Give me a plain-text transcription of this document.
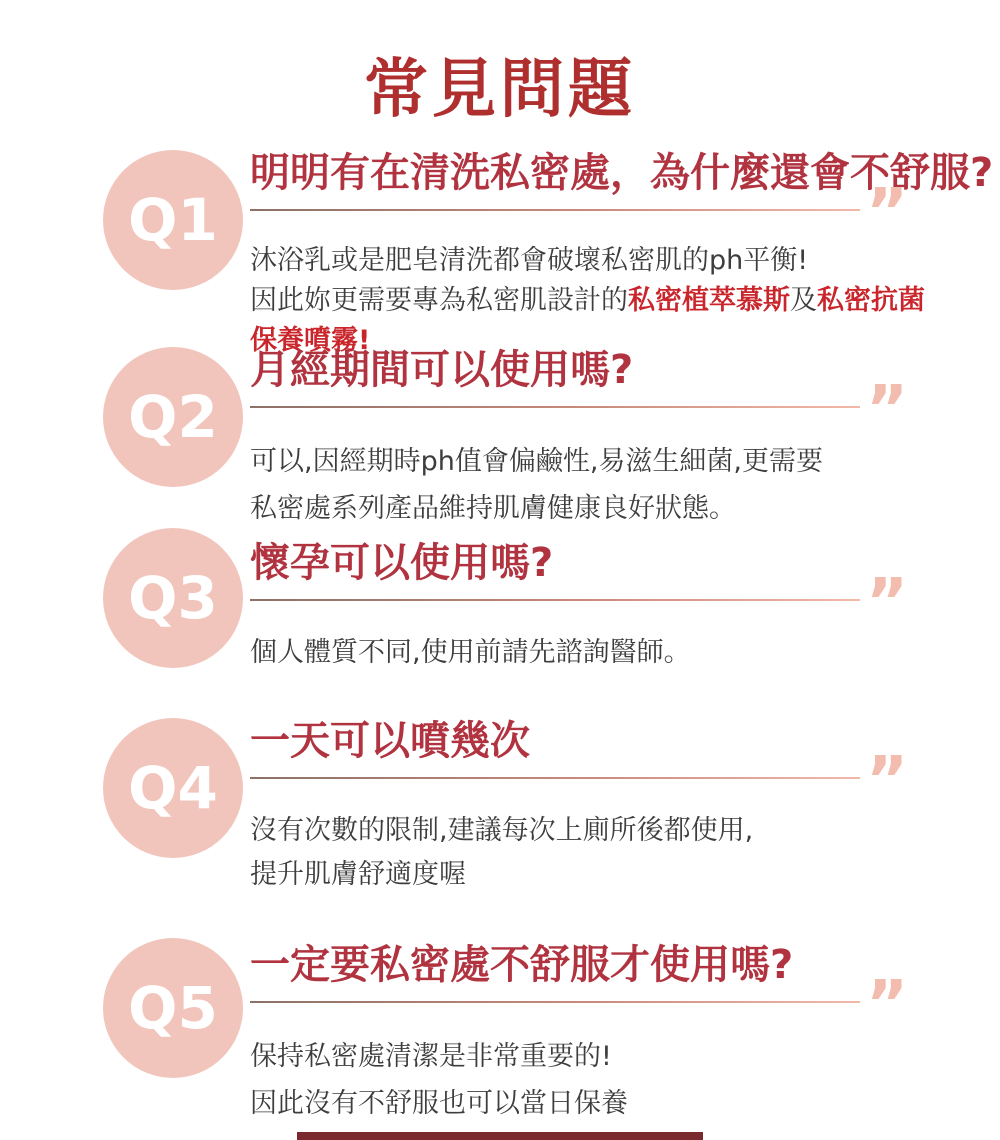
常見問題
Q1
明明有在清洗私密處，為什麼還會不舒服?
”

沐浴乳或是肥皂清洗都會破壞私密肌的ph平衡!

因此妳更需要專為私密肌設計的私密植萃慕斯及私密抗菌

保養噴霧!

Q2
月經期間可以使用嗎?
”

可以,因經期時ph值會偏鹼性,易滋生細菌,更需要

私密處系列產品維持肌膚健康良好狀態。

Q3
懷孕可以使用嗎?
”

個人體質不同,使用前請先諮詢醫師。

Q4
一天可以噴幾次
”

沒有次數的限制,建議每次上廁所後都使用,

提升肌膚舒適度喔

Q5
一定要私密處不舒服才使用嗎?
”

保持私密處清潔是非常重要的!

因此沒有不舒服也可以當日保養
